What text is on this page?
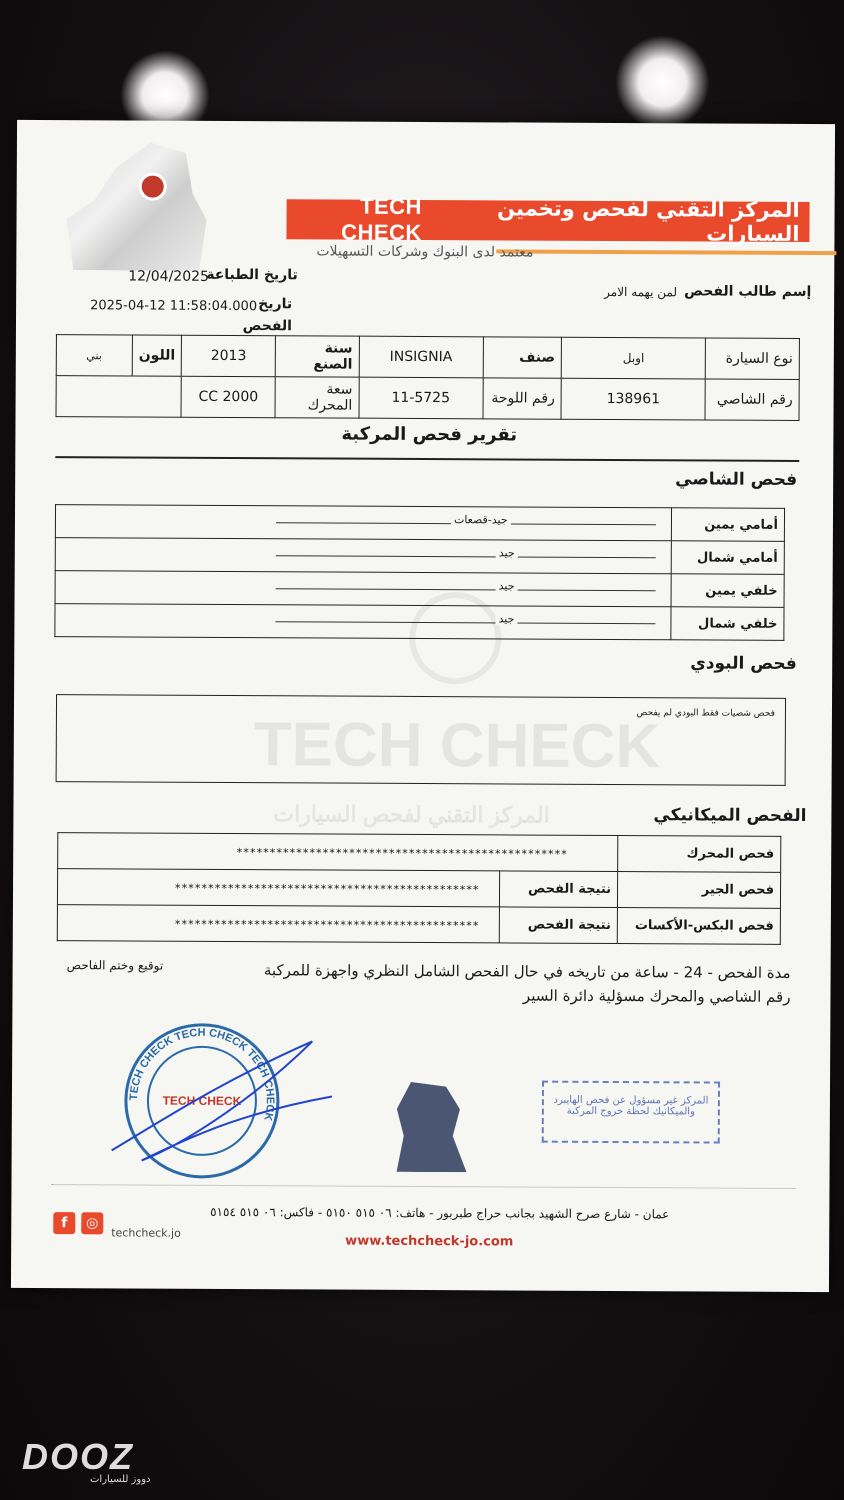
TECH CHECK
المركز التقني لفحص السيارات
المركز التقني لفحص وتخمين السيارات
TECH CHECK
معتمد لدى البنوك وشركات التسهيلات
تاريخ الطباعة
12/04/2025
تاريخ الفحص
2025-04-12 11:58:04.000
إسم طالب الفحص
لمن يهمه الامر
بني	اللون	2013	سنة الصنع	INSIGNIA	صنف	اوبل	نوع السيارة
		CC 2000	سعة المحرك	11-5725	رقم اللوحة	138961	رقم الشاصي
تقرير فحص المركبة
فحص الشاصي
جيد-قصعات	أمامي يمين

جيد	أمامي شمال

جيد	خلفي يمين

جيد	خلفي شمال
فحص البودي
فحص شصيات فقط البودي لم يفحص
الفحص الميكانيكي
**************************************************		فحص المحرك
**********************************************	نتيجة الفحص	فحص الجير
**********************************************	نتيجة الفحص	فحص البكس-الأكسات
توقيع وختم الفاحص	مدة الفحص - 24 - ساعة من تاريخه في حال الفحص الشامل النظري واجهزة للمركبة
رقم الشاصي والمحرك مسؤلية دائرة السير
TECH CHECK TECH CHECK TECH CHECK
TECH CHECK	المركز غير مسؤول عن فحص الهايبرد
والميكانيك لحظة خروج المركبة
عمان - شارع صرح الشهيد بجانب حراج طبربور - هاتف: ٠٦ ٥١٥ ٥١٥٠ - فاكس: ٠٦ ٥١٥ ٥١٥٤
f	◎
techcheck.jo
www.techcheck-jo.com
DOOZ
دووز للسيارات
